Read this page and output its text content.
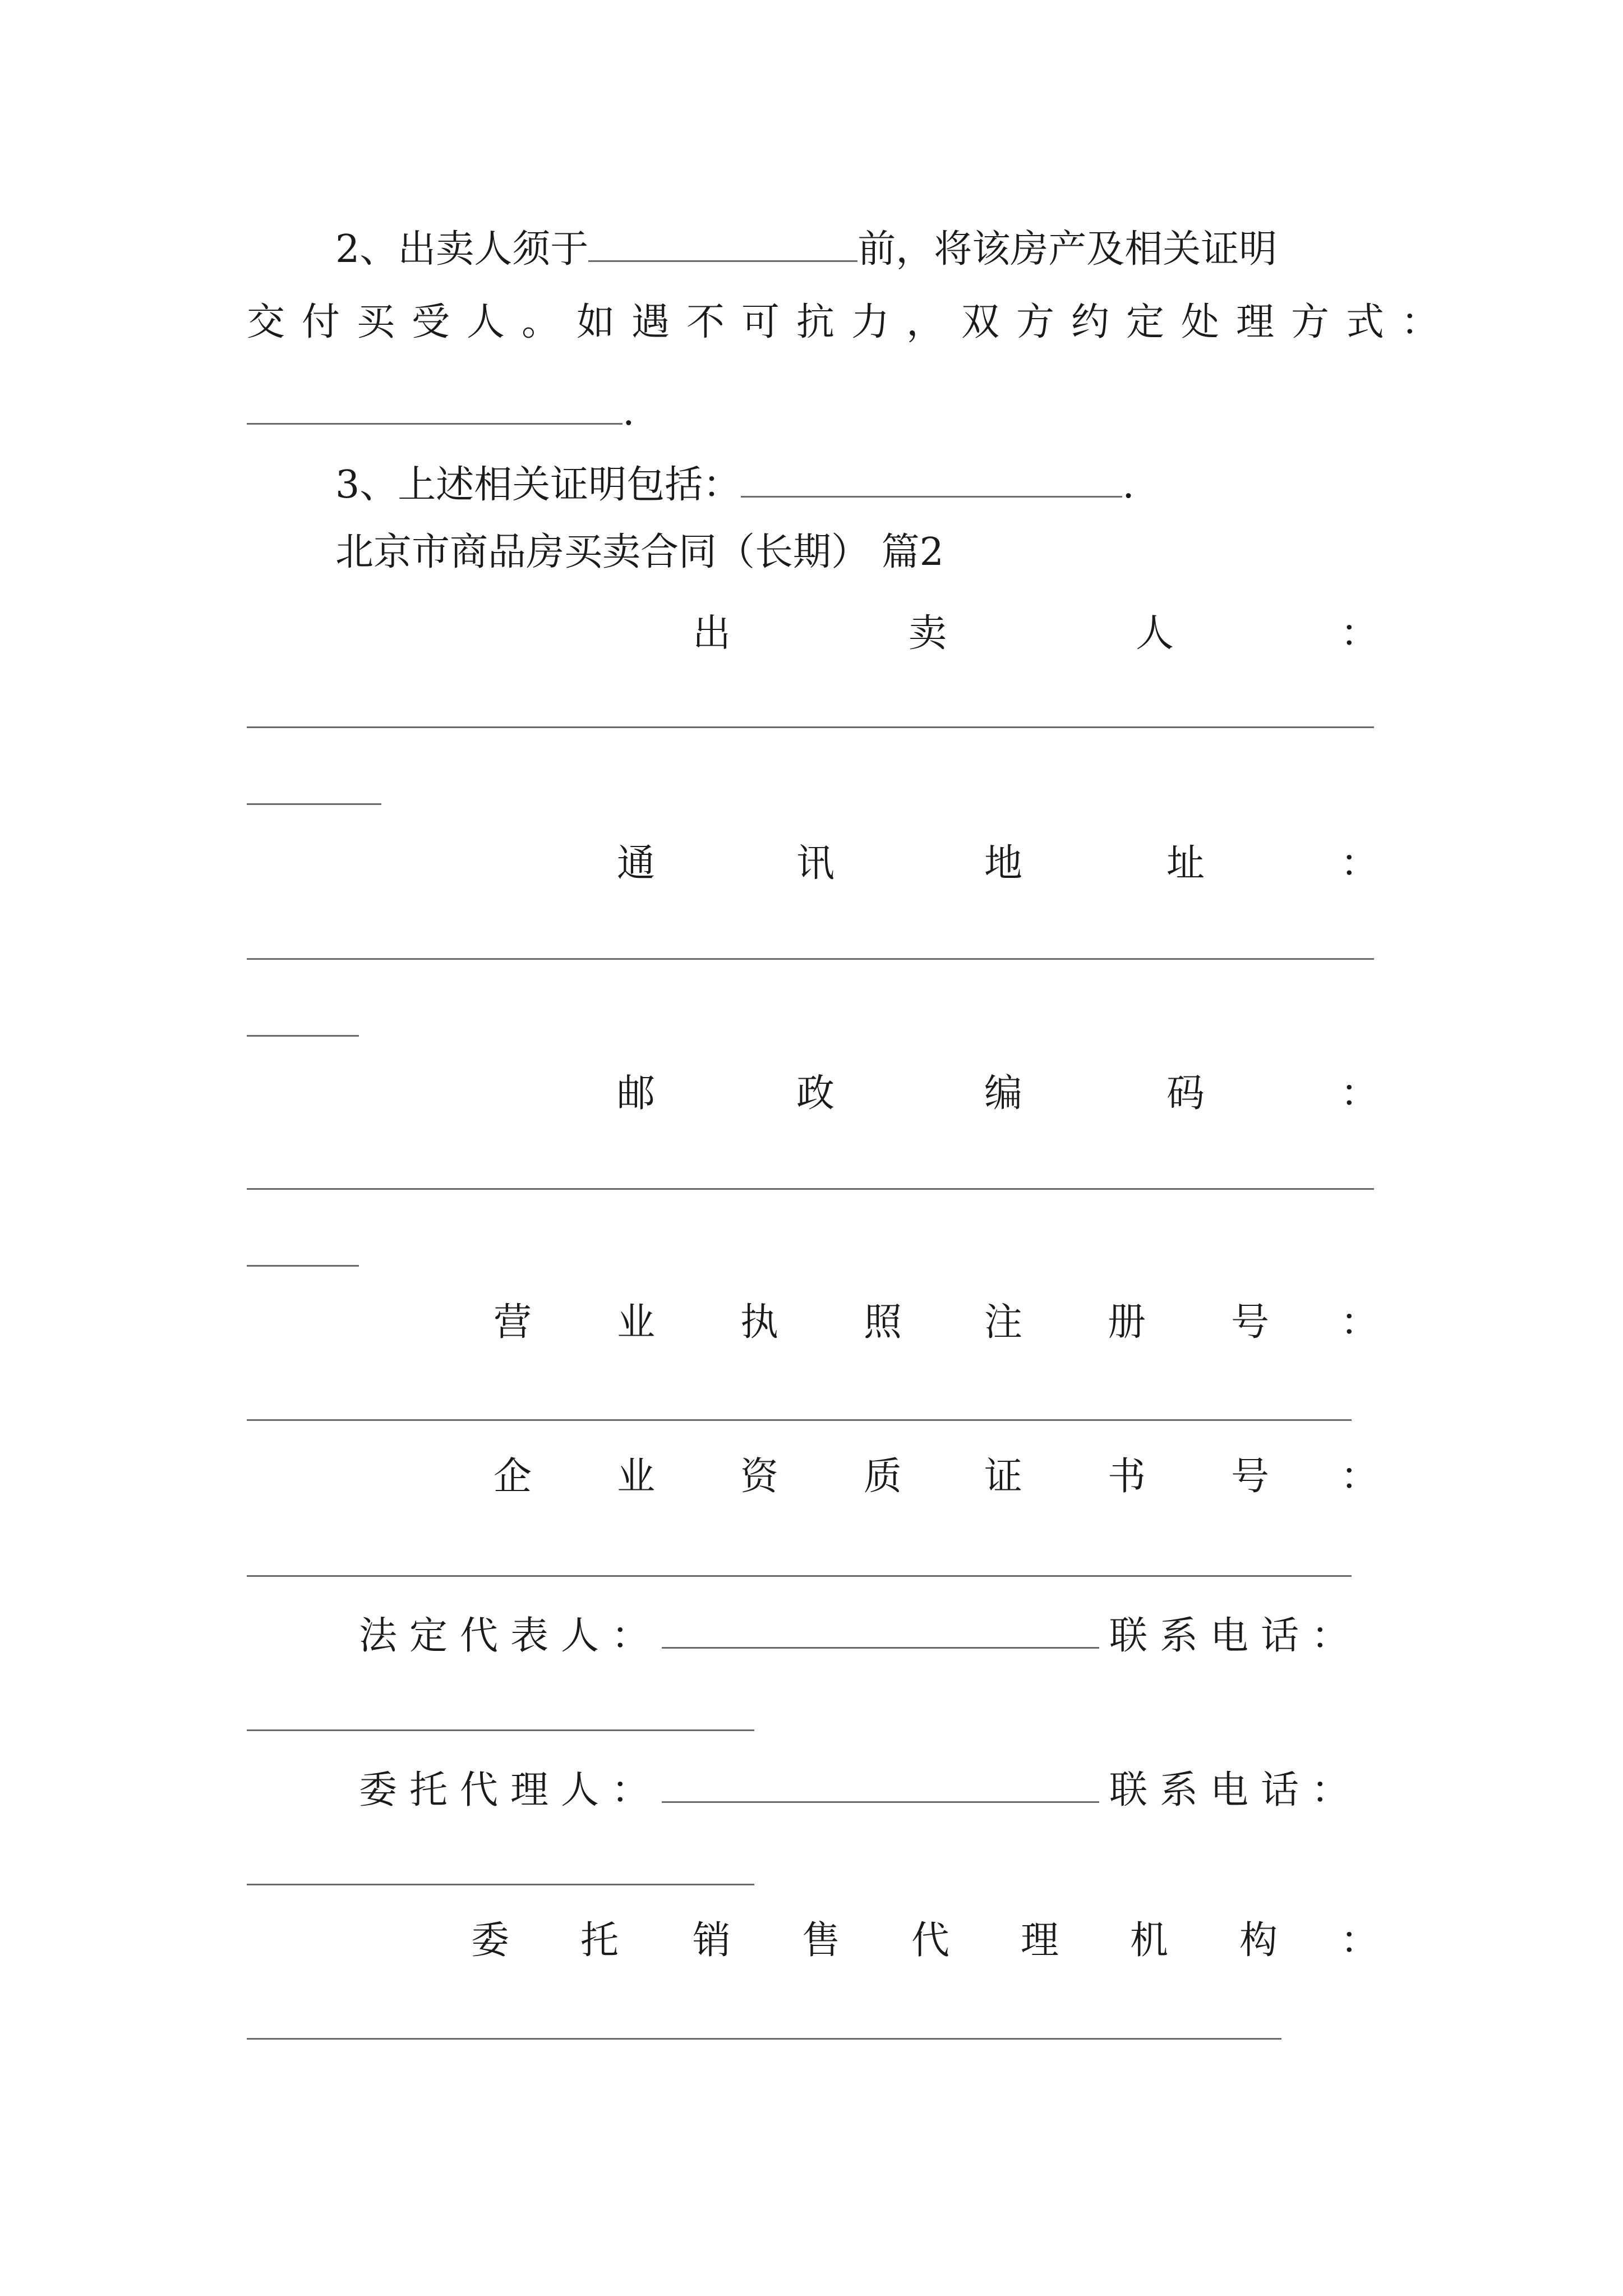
2、出卖人须于	前，将该房产及相关证明
交付买受人。如遇不可抗力，双方约定处理方式：
.
3、上述相关证明包括：	.
北京市商品房买卖合同（长期） 篇2
出	卖	人	：
通	讯	地	址	：
邮	政	编	码	：
营 业 执 照 注 册 号 ：
企 业 资 质 证 书 号 ：
法定代表人：	联系电话：
委托代理人：	联系电话：
委 托 销 售 代 理 机 构 ：
